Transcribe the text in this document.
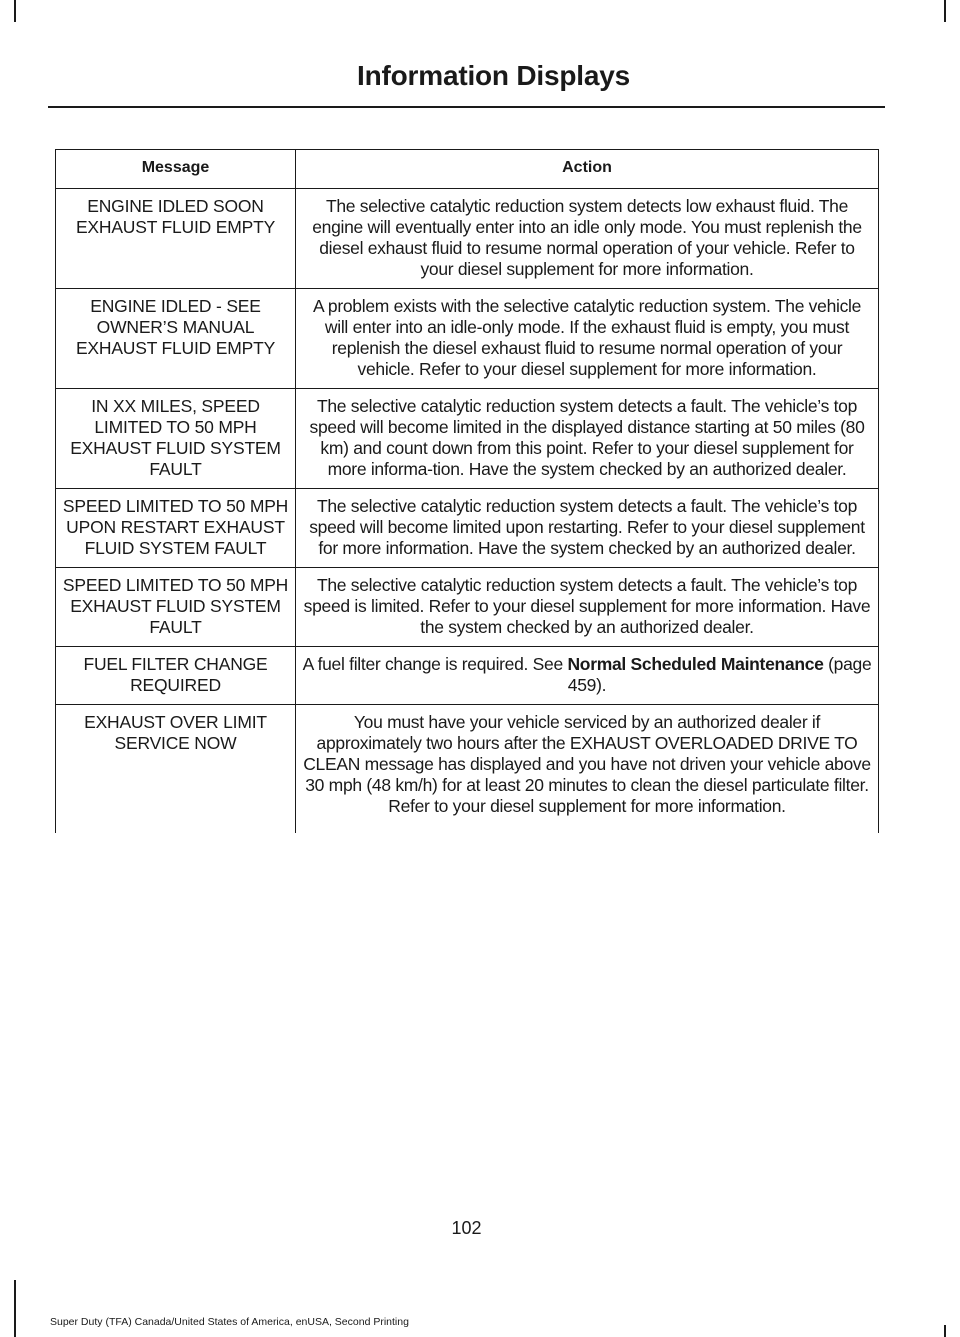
Information Displays
Message	Action
ENGINE IDLED SOON EXHAUST FLUID EMPTY	The selective catalytic reduction system detects low exhaust fluid. The engine will eventually enter into an idle only mode. You must replenish the diesel exhaust fluid to resume normal operation of your vehicle. Refer to your diesel supplement for more information.
ENGINE IDLED - SEE OWNER’S MANUAL EXHAUST FLUID EMPTY	A problem exists with the selective catalytic reduction system. The vehicle will enter into an idle-only mode. If the exhaust fluid is empty, you must replenish the diesel exhaust fluid to resume normal operation of your vehicle. Refer to your diesel supplement for more information.
IN XX MILES, SPEED LIMITED TO 50 MPH EXHAUST FLUID SYSTEM FAULT	The selective catalytic reduction system detects a fault. The vehicle’s top speed will become limited in the displayed distance starting at 50 miles (80 km) and count down from this point. Refer to your diesel supplement for more informa-tion. Have the system checked by an authorized dealer.
SPEED LIMITED TO 50 MPH UPON RESTART EXHAUST FLUID SYSTEM FAULT	The selective catalytic reduction system detects a fault. The vehicle’s top speed will become limited upon restarting. Refer to your diesel supplement for more information. Have the system checked by an authorized dealer.
SPEED LIMITED TO 50 MPH EXHAUST FLUID SYSTEM FAULT	The selective catalytic reduction system detects a fault. The vehicle’s top speed is limited. Refer to your diesel supplement for more information. Have the system checked by an authorized dealer.
FUEL FILTER CHANGE REQUIRED	A fuel filter change is required. See Normal Scheduled Maintenance (page 459).
EXHAUST OVER LIMIT SERVICE NOW	You must have your vehicle serviced by an authorized dealer if approximately two hours after the EXHAUST OVERLOADED DRIVE TO CLEAN message has displayed and you have not driven your vehicle above 30 mph (48 km/h) for at least 20 minutes to clean the diesel particulate filter. Refer to your diesel supplement for more information.
102
Super Duty (TFA) Canada/United States of America, enUSA, Second Printing
